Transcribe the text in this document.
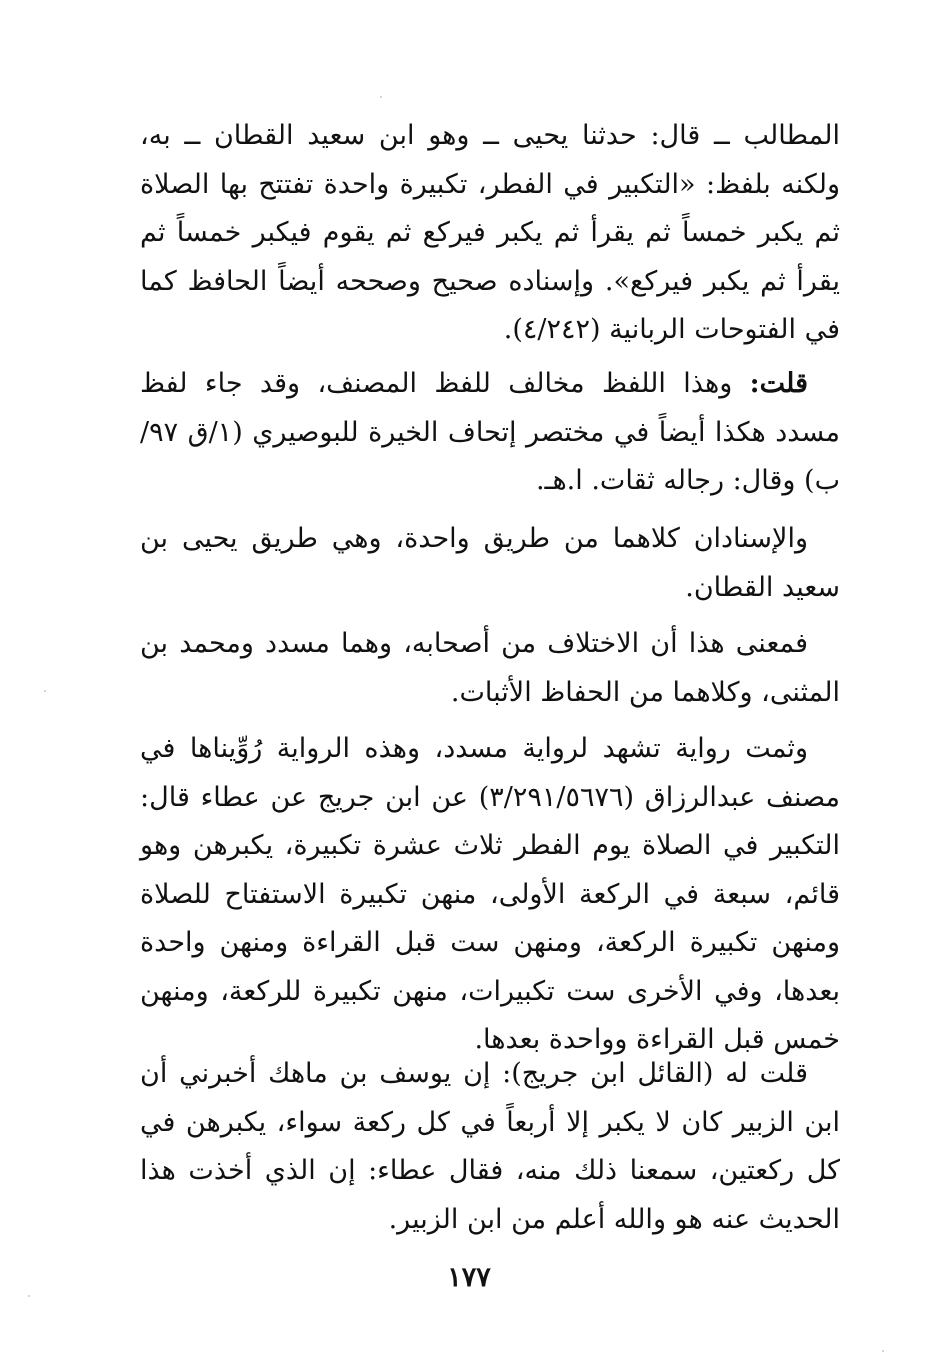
المطالب ــ قال: حدثنا يحيى ــ وهو ابن سعيد القطان ــ به، ولكنه بلفظ: «التكبير في الفطر، تكبيرة واحدة تفتتح بها الصلاة ثم يكبر خمساً ثم يقرأ ثم يكبر فيركع ثم يقوم فيكبر خمساً ثم يقرأ ثم يكبر فيركع». وإسناده صحيح وصححه أيضاً الحافظ كما في الفتوحات الربانية (٤/٢٤٢).

قلت: وهذا اللفظ مخالف للفظ المصنف، وقد جاء لفظ مسدد هكذا أيضاً في مختصر إتحاف الخيرة للبوصيري (١/ق ٩٧/ب) وقال: رجاله ثقات. ا.هـ.

والإسنادان كلاهما من طريق واحدة، وهي طريق يحيى بن سعيد القطان.

فمعنى هذا أن الاختلاف من أصحابه، وهما مسدد ومحمد بن المثنى، وكلاهما من الحفاظ الأثبات.

وثمت رواية تشهد لرواية مسدد، وهذه الرواية رُوِّيناها في مصنف عبدالرزاق (٣/٢٩١/٥٦٧٦) عن ابن جريج عن عطاء قال: التكبير في الصلاة يوم الفطر ثلاث عشرة تكبيرة، يكبرهن وهو قائم، سبعة في الركعة الأولى، منهن تكبيرة الاستفتاح للصلاة ومنهن تكبيرة الركعة، ومنهن ست قبل القراءة ومنهن واحدة بعدها، وفي الأخرى ست تكبيرات، منهن تكبيرة للركعة، ومنهن خمس قبل القراءة وواحدة بعدها.

قلت له (القائل ابن جريج): إن يوسف بن ماهك أخبرني أن ابن الزبير كان لا يكبر إلا أربعاً في كل ركعة سواء، يكبرهن في كل ركعتين، سمعنا ذلك منه، فقال عطاء: إن الذي أخذت هذا الحديث عنه هو والله أعلم من ابن الزبير.

١٧٧
